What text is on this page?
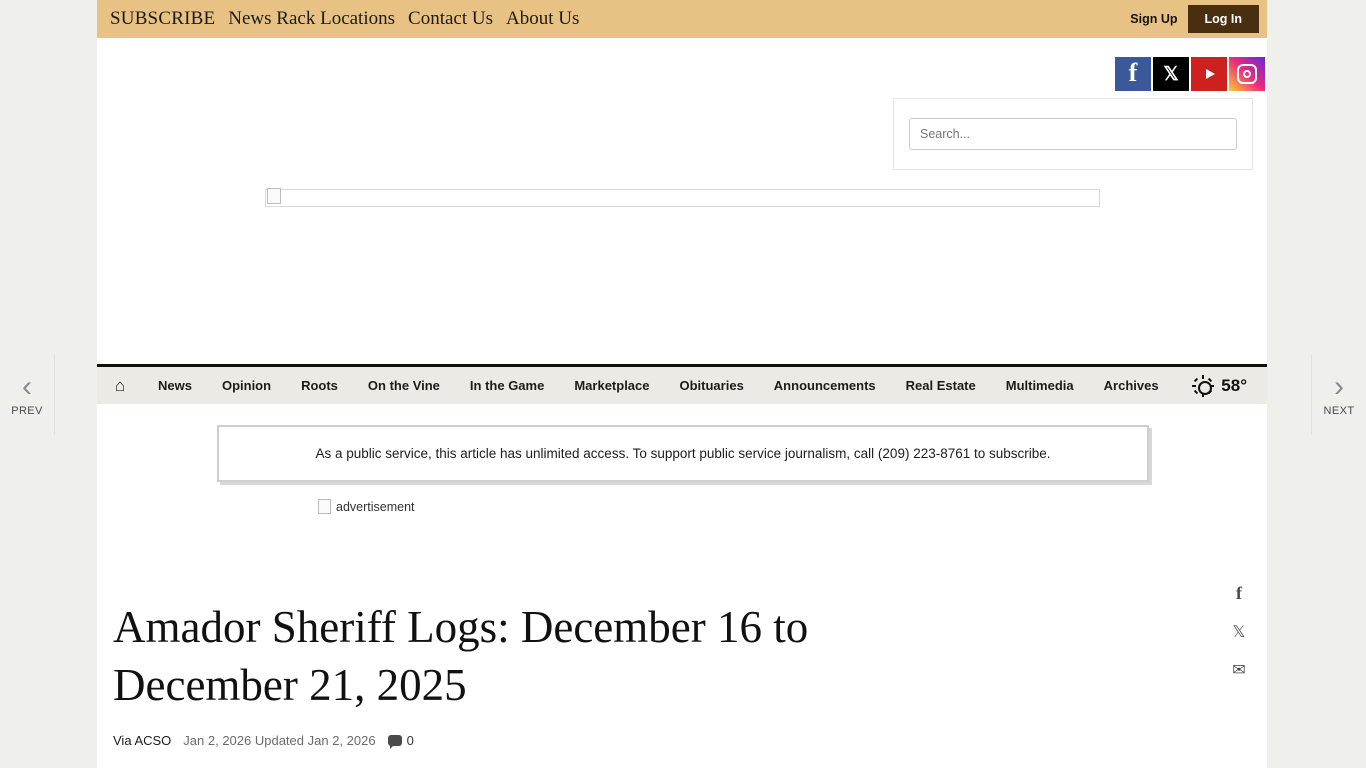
SUBSCRIBE News Rack Locations Contact Us About Us	Sign Up	Log In
f	𝕏
Search...
⌂	News	Opinion	Roots	On the Vine	In the Game	Marketplace	Obituaries	Announcements	Real Estate	Multimedia	Archives	58°
‹
PREV
›
NEXT
As a public service, this article has unlimited access. To support public service journalism, call (209) 223-8761 to subscribe.
advertisement
Amador Sheriff Logs: December 16 to December 21, 2025
Via ACSO Jan 2, 2026 Updated Jan 2, 2026 0
f
𝕏
✉
